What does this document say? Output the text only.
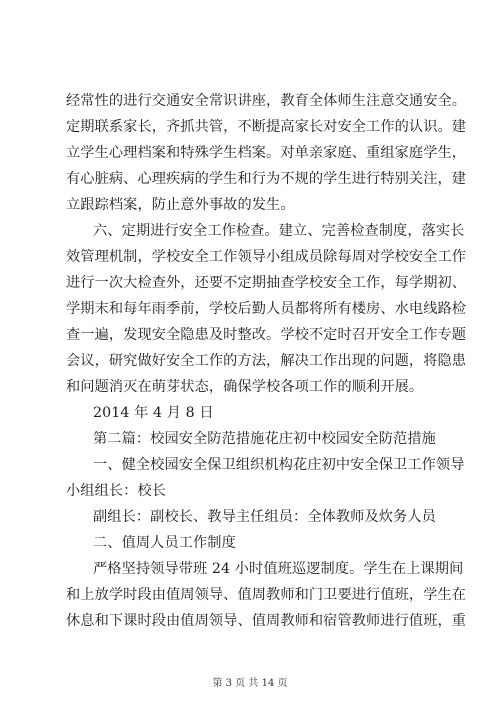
经常性的进行交通安全常识讲座，教育全体师生注意交通安全。
定期联系家长，齐抓共管，不断提高家长对安全工作的认识。建
立学生心理档案和特殊学生档案。对单亲家庭、重组家庭学生，
有心脏病、心理疾病的学生和行为不规的学生进行特别关注，建
立跟踪档案，防止意外事故的发生。
六、定期进行安全工作检查。建立、完善检查制度，落实长
效管理机制，学校安全工作领导小组成员除每周对学校安全工作
进行一次大检查外，还要不定期抽查学校安全工作，每学期初、
学期末和每年雨季前，学校后勤人员都将所有楼房、水电线路检
查一遍，发现安全隐患及时整改。学校不定时召开安全工作专题
会议，研究做好安全工作的方法，解决工作出现的问题，将隐患
和问题消灭在萌芽状态，确保学校各项工作的顺利开展。
2014 年 4 月 8 日
第二篇：校园安全防范措施花庄初中校园安全防范措施
一、健全校园安全保卫组织机构花庄初中安全保卫工作领导
小组组长：校长
副组长：副校长、教导主任组员：全体教师及炊务人员
二、值周人员工作制度
严格坚持领导带班 24 小时值班巡逻制度。学生在上课期间
和上放学时段由值周领导、值周教师和门卫要进行值班，学生在
休息和下课时段由值周领导、值周教师和宿管教师进行值班，重
第 3 页 共 14 页
